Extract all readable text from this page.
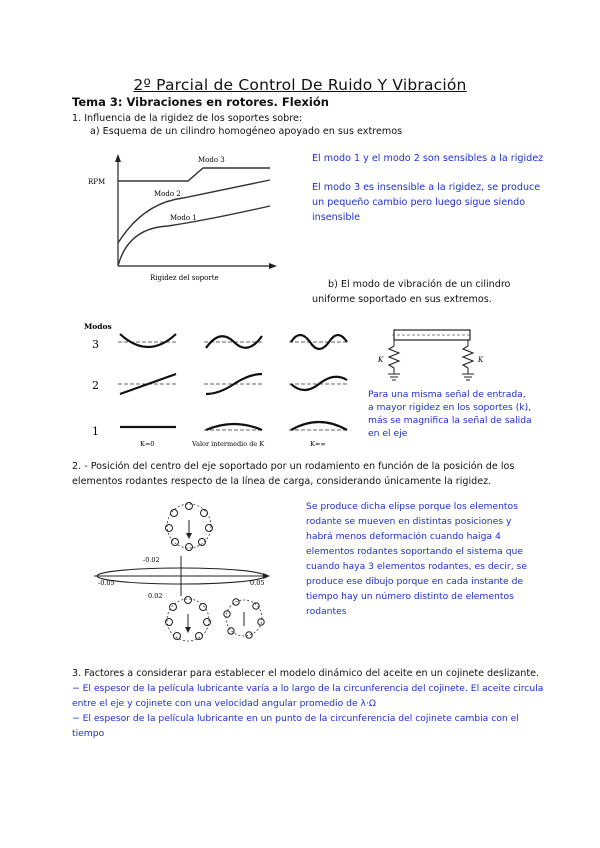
2º Parcial de Control De Ruido Y Vibración
Tema 3: Vibraciones en rotores. Flexión
1. Influencia de la rigidez de los soportes sobre:
a) Esquema de un cilindro homogéneo apoyado en sus extremos
RPM
Modo 3
Modo 2
Modo 1
Rigidez del soporte
El modo 1 y el modo 2 son sensibles a la rigidez
El modo 3 es insensible a la rigidez, se produce
un pequeño cambio pero luego sigue siendo
insensible
b) El modo de vibración de un cilindro
uniforme soportado en sus extremos.
Modos
3
2
1
K=0	Valor intermedio de K	K=∞
K	K
Para una misma señal de entrada,
a mayor rigidez en los soportes (k),
más se magnifica la señal de salida
en el eje
2. - Posición del centro del eje soportado por un rodamiento en función de la posición de los
elementos rodantes respecto de la línea de carga, considerando únicamente la rigidez.
-0.02
0.02
-0.05	0.05
Se produce dicha elipse porque los elementos
rodante se mueven en distintas posiciones y
habrá menos deformación cuando haiga 4
elementos rodantes soportando el sistema que
cuando haya 3 elementos rodantes, es decir, se
produce ese dibujo porque en cada instante de
tiempo hay un número distinto de elementos
rodantes
3. Factores a considerar para establecer el modelo dinámico del aceite en un cojinete deslizante.
− El espesor de la película lubricante varía a lo largo de la circunferencia del cojinete. El aceite circula
entre el eje y cojinete con una velocidad angular promedio de λ·Ω
− El espesor de la película lubricante en un punto de la circunferencia del cojinete cambia con el
tiempo
